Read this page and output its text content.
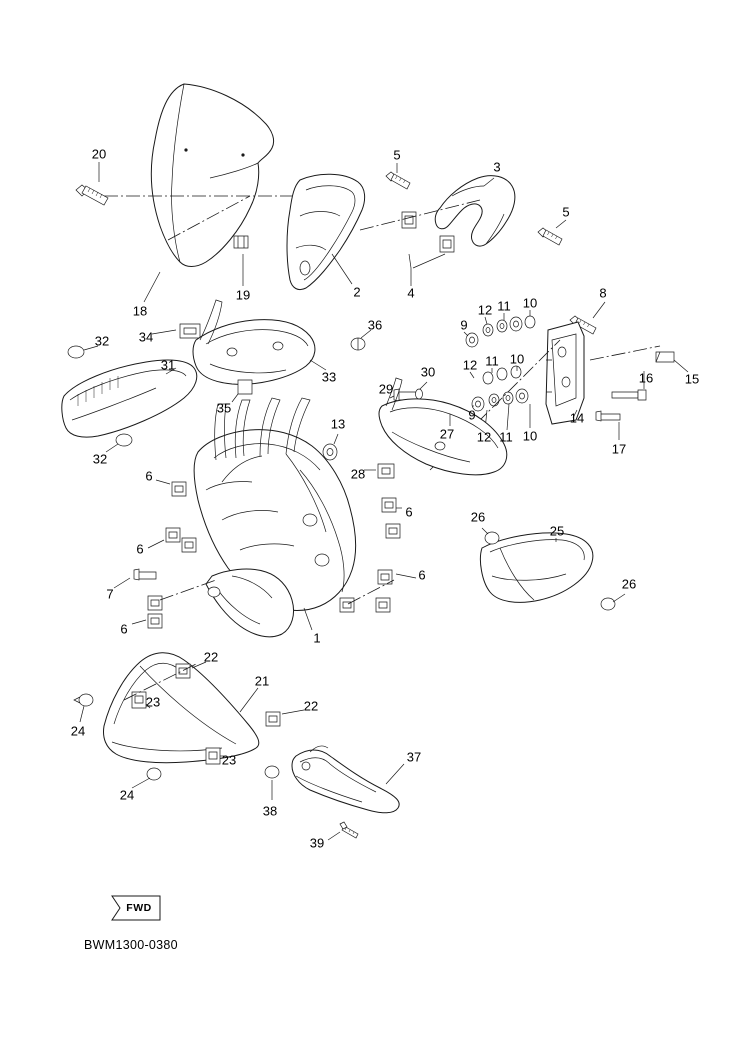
20	5
3
5
19	2	4
18
8
12 11 10
9
32 34
36
31
33
12 11 10
16 15
35
29
30
9
27
14
17
32
13
12 11 10
28
6
6	26
25
6
6
26
7
6
1
22
21
23	22
24
23	37
24
38
39
FWD
BWM1300-0380
